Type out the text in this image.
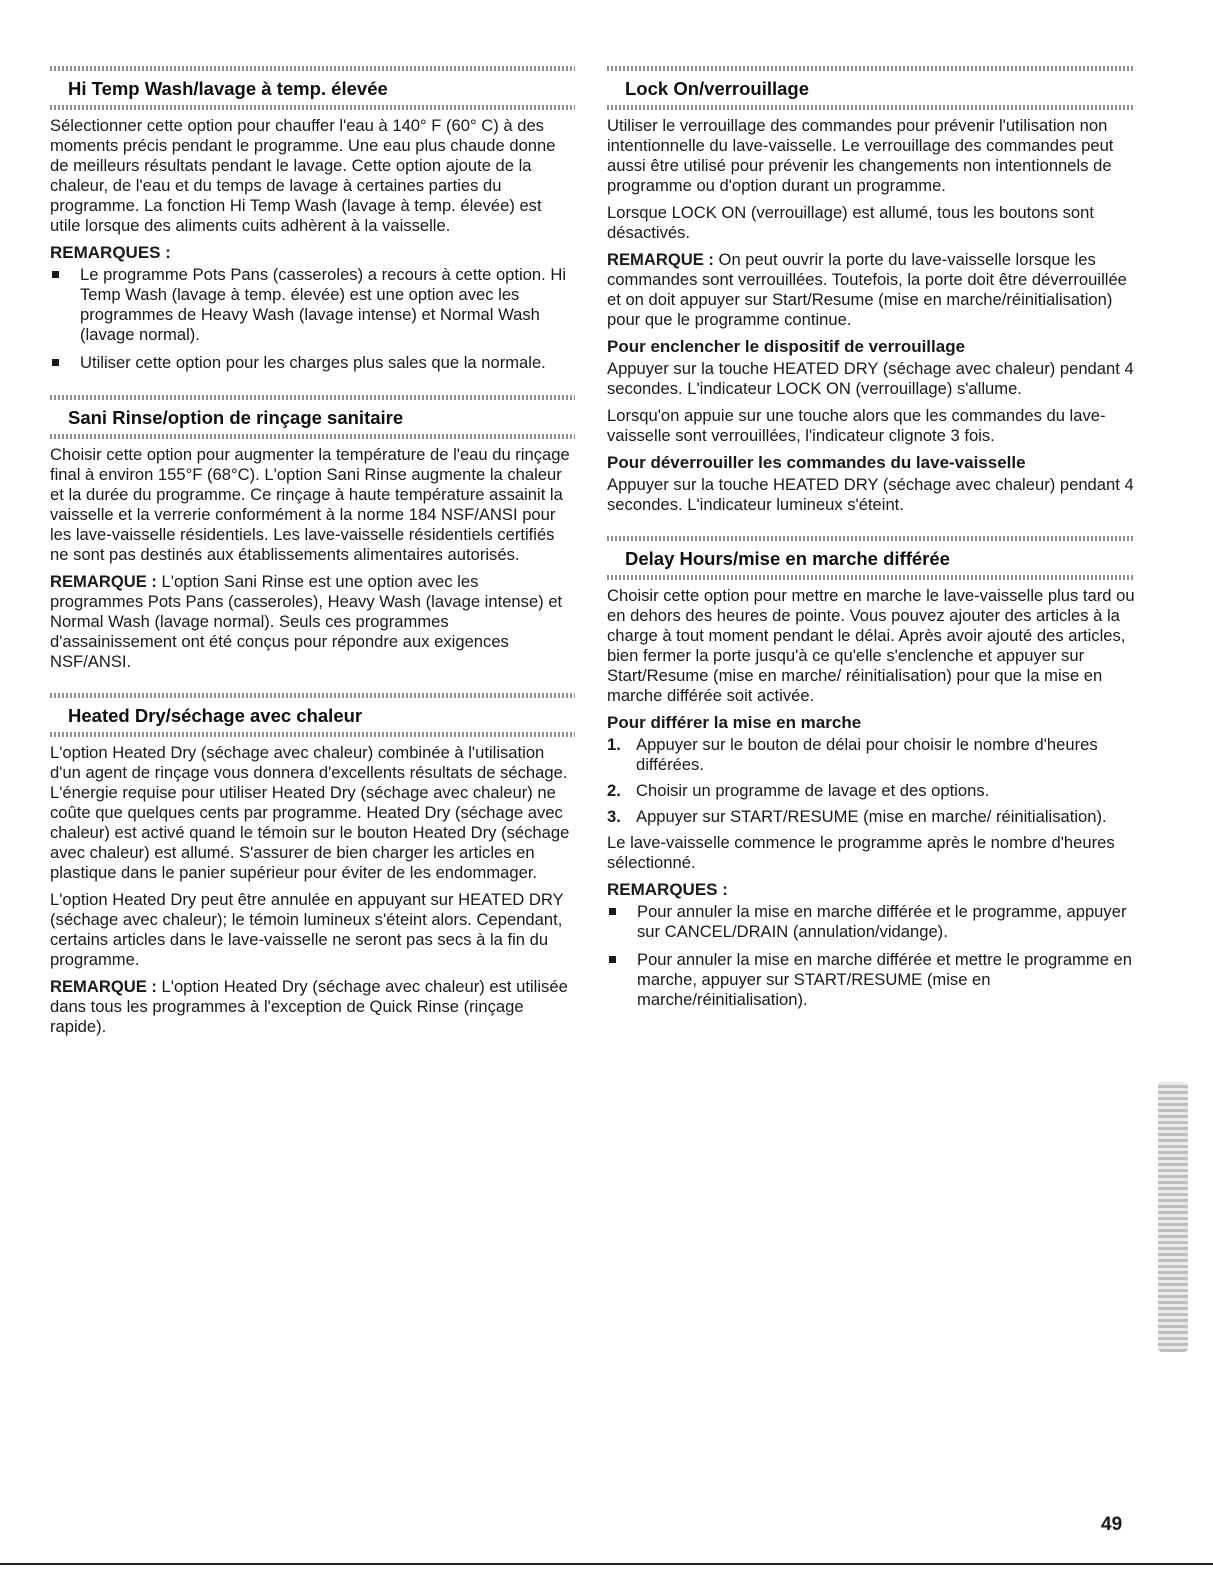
Hi Temp Wash/lavage à temp. élevée

Sélectionner cette option pour chauffer l'eau à 140° F (60° C) à des moments précis pendant le programme. Une eau plus chaude donne de meilleurs résultats pendant le lavage. Cette option ajoute de la chaleur, de l'eau et du temps de lavage à certaines parties du programme. La fonction Hi Temp Wash (lavage à temp. élevée) est utile lorsque des aliments cuits adhèrent à la vaisselle.

REMARQUES :
Le programme Pots Pans (casseroles) a recours à cette option. Hi Temp Wash (lavage à temp. élevée) est une option avec les programmes de Heavy Wash (lavage intense) et Normal Wash (lavage normal).
Utiliser cette option pour les charges plus sales que la normale.
Sani Rinse/option de rinçage sanitaire

Choisir cette option pour augmenter la température de l'eau du rinçage final à environ 155°F (68°C). L'option Sani Rinse augmente la chaleur et la durée du programme. Ce rinçage à haute température assainit la vaisselle et la verrerie conformément à la norme 184 NSF/ANSI pour les lave-vaisselle résidentiels. Les lave-vaisselle résidentiels certifiés ne sont pas destinés aux établissements alimentaires autorisés.

REMARQUE : L'option Sani Rinse est une option avec les programmes Pots Pans (casseroles), Heavy Wash (lavage intense) et Normal Wash (lavage normal). Seuls ces programmes d'assainissement ont été conçus pour répondre aux exigences NSF/ANSI.

Heated Dry/séchage avec chaleur

L'option Heated Dry (séchage avec chaleur) combinée à l'utilisation d'un agent de rinçage vous donnera d'excellents résultats de séchage. L'énergie requise pour utiliser Heated Dry (séchage avec chaleur) ne coûte que quelques cents par programme. Heated Dry (séchage avec chaleur) est activé quand le témoin sur le bouton Heated Dry (séchage avec chaleur) est allumé. S'assurer de bien charger les articles en plastique dans le panier supérieur pour éviter de les endommager.

L'option Heated Dry peut être annulée en appuyant sur HEATED DRY (séchage avec chaleur); le témoin lumineux s'éteint alors. Cependant, certains articles dans le lave-vaisselle ne seront pas secs à la fin du programme.

REMARQUE : L'option Heated Dry (séchage avec chaleur) est utilisée dans tous les programmes à l'exception de Quick Rinse (rinçage rapide).

Lock On/verrouillage

Utiliser le verrouillage des commandes pour prévenir l'utilisation non intentionnelle du lave-vaisselle. Le verrouillage des commandes peut aussi être utilisé pour prévenir les changements non intentionnels de programme ou d'option durant un programme.

Lorsque LOCK ON (verrouillage) est allumé, tous les boutons sont désactivés.

REMARQUE : On peut ouvrir la porte du lave-vaisselle lorsque les commandes sont verrouillées. Toutefois, la porte doit être déverrouillée et on doit appuyer sur Start/Resume (mise en marche/réinitialisation) pour que le programme continue.

Pour enclencher le dispositif de verrouillage

Appuyer sur la touche HEATED DRY (séchage avec chaleur) pendant 4 secondes. L'indicateur LOCK ON (verrouillage) s'allume.

Lorsqu'on appuie sur une touche alors que les commandes du lave-vaisselle sont verrouillées, l'indicateur clignote 3 fois.

Pour déverrouiller les commandes du lave-vaisselle

Appuyer sur la touche HEATED DRY (séchage avec chaleur) pendant 4 secondes. L'indicateur lumineux s'éteint.

Delay Hours/mise en marche différée

Choisir cette option pour mettre en marche le lave-vaisselle plus tard ou en dehors des heures de pointe. Vous pouvez ajouter des articles à la charge à tout moment pendant le délai. Après avoir ajouté des articles, bien fermer la porte jusqu'à ce qu'elle s'enclenche et appuyer sur Start/Resume (mise en marche/ réinitialisation) pour que la mise en marche différée soit activée.

Pour différer la mise en marche
1. Appuyer sur le bouton de délai pour choisir le nombre d'heures différées.
2. Choisir un programme de lavage et des options.
3. Appuyer sur START/RESUME (mise en marche/ réinitialisation).

Le lave-vaisselle commence le programme après le nombre d'heures sélectionné.

REMARQUES :
Pour annuler la mise en marche différée et le programme, appuyer sur CANCEL/DRAIN (annulation/vidange).
Pour annuler la mise en marche différée et mettre le programme en marche, appuyer sur START/RESUME (mise en marche/réinitialisation).
49
